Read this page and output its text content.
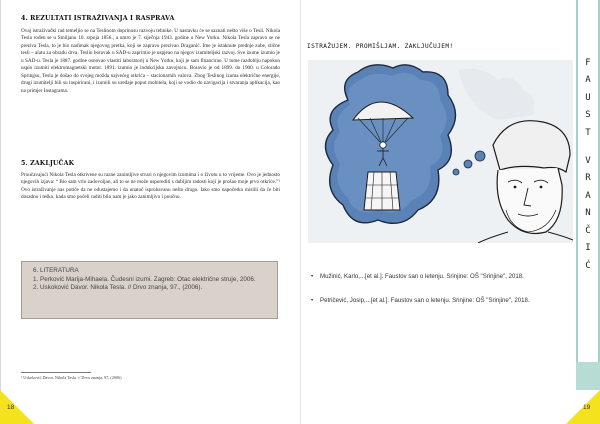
4. REZULTATI ISTRAŽIVANJA I RASPRAVA
Ovaj istraživački rad temeljio se na Teslinom doprinosu razvoju tehnike. U nastavku će se saznati nešto više o Tesli. Nikola Tesla rođen se u Smiljanu 10. srpnja 1856., a umro je 7. siječnja 1943. godine u New Yorku. Nikola Tesla zapravo se ne preziva Tesla, to je bio nadimak njegovog pretka, koji se zapravo prezivao Draganić. Ime je istaknute prednje zube, slične tesli – alatu za obradu drva. Teslin boravak u SAD-u zaprimio je uspjeao na njegov izumiteljski razvoj. Sve izume izumio je u SAD-u. Tesla je 1887. godine osnovao vlastiti laboratorij u New Yorku, koji je sam financirao. U tome razdoblju napokon uspio izumiti elektromagnetski motor. 1891. izumio je indukcijsku zavojnicu. Boravio je od 1899. do 1900. u Colorado Springsu, Tesla je došao do svojeg možda najvećeg otkrića – stacionarnih valova. Zbog Teslinog izuma električne energije, drugi izumitelji bili su inspirirani, i izumili su uređaje poput mobitela, koji se vodio do navigacija i stvaranja aplikacija, kao na primjer Instagrama.
5. ZAKLJUČAK
Proučavajući Nikola Tesla otkrivene su razne zanimljive stvari o njegovim izumima i o životu u to vrijeme. Ovo je jednosto njegovih izjava: “ Bio sam vrlo zadovoljan, ali to se ne može usporediti s dubljim radosti koji je prošao moje prvo otkriće.”¹ Ovo istraživanje nas potiče da ne odustajemo i da unatoč isprobavanu nešto drugo. Iako smo napočetku mislili da će biti dosadno i teško, kada smo počeli raditi bilo nam je jako zanimljivo i poučno.
6. LITERATURA
1. Perković Marija-Mihaela. Čudesni izumi. Zagreb: Otac električne struje, 2006.
2. Uskoković Davor. Nikola Tesla. // Drvo znanja, 97., (2006).
¹ Uskoković Davor. Nikola Tesla. // Drvo znanja, 97, (2006)
18
ISTRAŽUJEM. PROMIŠLJAM. ZAKLJUČUJEM!
• Mužinić, Karlo,...[et al.]. Faustov san o letenju. Srinjine: OŠ "Srinjine", 2018.
• Petričević, Josip,...[et al.]. Faustov san o letenju. Srinjine: OŠ "Srinjine", 2018.
F
A
U
S
T
V
R
A
N
Č
I
Ć
19
